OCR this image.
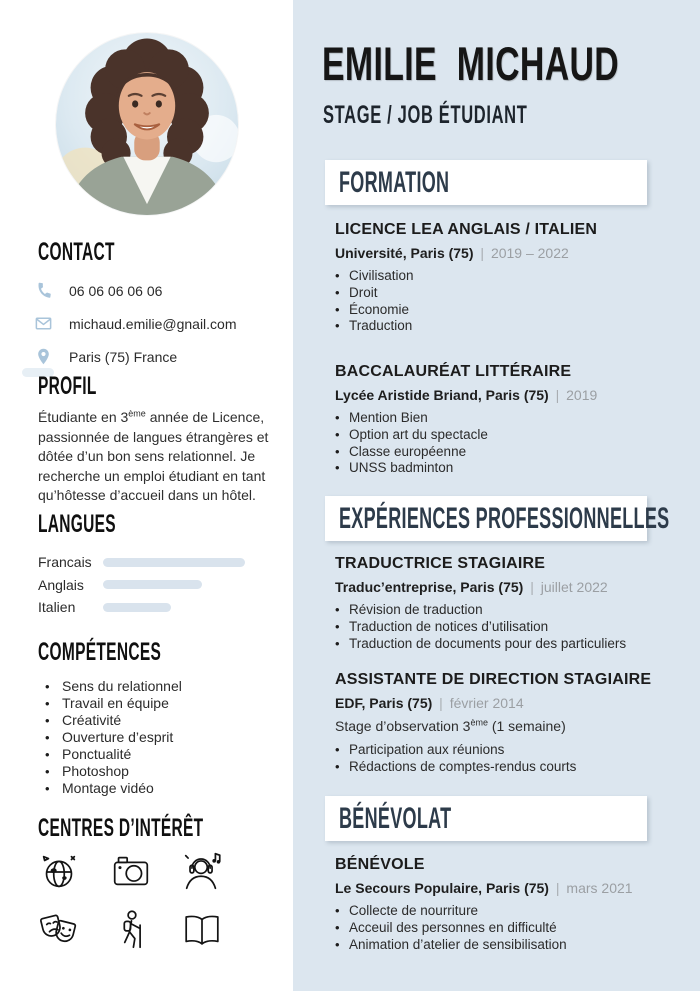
CONTACT
06 06 06 06 06
michaud.emilie@gnail.com
Paris (75) France
PROFIL

Étudiante en 3ème année de Licence, passionnée de langues étrangères et dôtée d’un bon sens relationnel. Je recherche un emploi étudiant en tant qu’hôtesse d’accueil dans un hôtel.

LANGUES
Francais
Anglais
Italien
COMPÉTENCES
• Sens du relationnel
• Travail en équipe
• Créativité
• Ouverture d’esprit
• Ponctualité
• Photoshop
• Montage vidéo
CENTRES D’INTÉRÊT
EMILIE MICHAUD
STAGE / JOB ÉTUDIANT
FORMATION
LICENCE LEA ANGLAIS / ITALIEN
Université, Paris (75) | 2019 – 2022
• Civilisation
• Droit
• Économie
• Traduction
BACCALAURÉAT LITTÉRAIRE
Lycée Aristide Briand, Paris (75) | 2019
• Mention Bien
• Option art du spectacle
• Classe européenne
• UNSS badminton
EXPÉRIENCES PROFESSIONNELLES
TRADUCTRICE STAGIAIRE
Traduc’entreprise, Paris (75) | juillet 2022
• Révision de traduction
• Traduction de notices d’utilisation
• Traduction de documents pour des particuliers
ASSISTANTE DE DIRECTION STAGIAIRE
EDF, Paris (75) | février 2014
Stage d’observation 3ème (1 semaine)
• Participation aux réunions
• Rédactions de comptes-rendus courts
BÉNÉVOLAT
BÉNÉVOLE
Le Secours Populaire, Paris (75) | mars 2021
• Collecte de nourriture
• Acceuil des personnes en difficulté
• Animation d’atelier de sensibilisation
